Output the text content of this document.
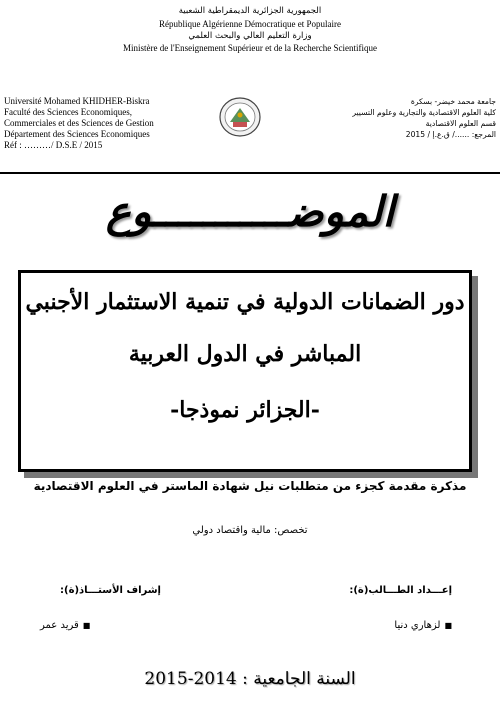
الجمهورية الجزائرية الديمقراطية الشعبية
République Algérienne Démocratique et Populaire
وزارة التعليم العالي والبحث العلمي
Ministère de l'Enseignement Supérieur et de la Recherche Scientifique
Université Mohamed KHIDHER-Biskra
Faculté des Sciences Economiques,
Commerciales et des Sciences de Gestion
Département des Sciences Economiques
Réf : ………/ D.S.E / 2015
جامعة محمد خيضر- بسكرة
كلية العلوم الاقتصادية والتجارية وعلوم التسيير
قسم العلوم الاقتصادية
المرجع: ....../ ق.ع.إ / 2015
الموضـــــــــــوع
دور الضمانات الدولية في تنمية الاستثمار الأجنبي
المباشر في الدول العربية
-الجزائر نموذجا-
مذكرة مقدمة كجزء من متطلبات نيل شهادة الماستر في العلوم الاقتصادية
تخصص: مالية واقتصاد دولي
إعـــداد الطـــالب(ة):
إشراف الأستـــاذ(ة):
■لزهاري دنيا
■قريد عمر
السنة الجامعية : 2014-2015
